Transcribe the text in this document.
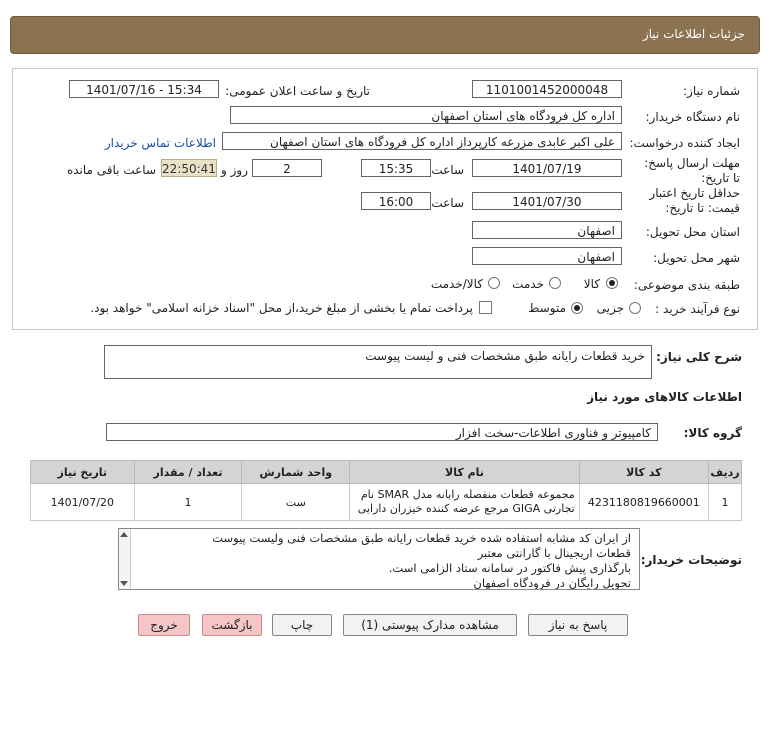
جزئیات اطلاعات نیاز
شماره نیاز:
1101001452000048
تاریخ و ساعت اعلان عمومی:
1401/07/16 - 15:34
نام دستگاه خریدار:
اداره کل فرودگاه های استان اصفهان
ایجاد کننده درخواست:
علی اکبر عابدی مزرعه کارپرداز اداره کل فرودگاه های استان اصفهان
اطلاعات تماس خریدار
مهلت ارسال پاسخ: تا تاریخ:
1401/07/19
ساعت
15:35
2
روز و
22:50:41
ساعت باقی مانده
حداقل تاریخ اعتبار قیمت: تا تاریخ:
1401/07/30
ساعت
16:00
استان محل تحویل:
اصفهان
شهر محل تحویل:
اصفهان
طبقه بندی موضوعی:
کالا
خدمت
کالا/خدمت
نوع فرآیند خرید :
جزیی
متوسط
پرداخت تمام یا بخشی از مبلغ خرید،از محل "اسناد خزانه اسلامی" خواهد بود.
شرح کلی نیاز:
خرید قطعات رایانه طبق مشخصات فنی و لیست پیوست
اطلاعات کالاهای مورد نیاز
گروه کالا:
کامپیوتر و فناوری اطلاعات-سخت افزار
ردیف	کد کالا	نام کالا	واحد شمارش	تعداد / مقدار	تاریخ نیاز
1	4231180819660001	مجموعه قطعات منفصله رایانه مدل SMAR نام تجارتی GIGA مرجع عرضه کننده خیزران دارایی	ست	1	1401/07/20
توضیحات خریدار:
از ایران کد مشابه استفاده شده خرید قطعات رایانه طبق مشخصات فنی ولیست پیوست
قطعات اریجینال با گارانتی معتبر
بارگذاری پیش فاکتور در سامانه ستاد الزامی است.
تحویل رایگان در فرودگاه اصفهان
پاسخ به نیاز
مشاهده مدارک پیوستی (1)
چاپ
بازگشت
خروج
